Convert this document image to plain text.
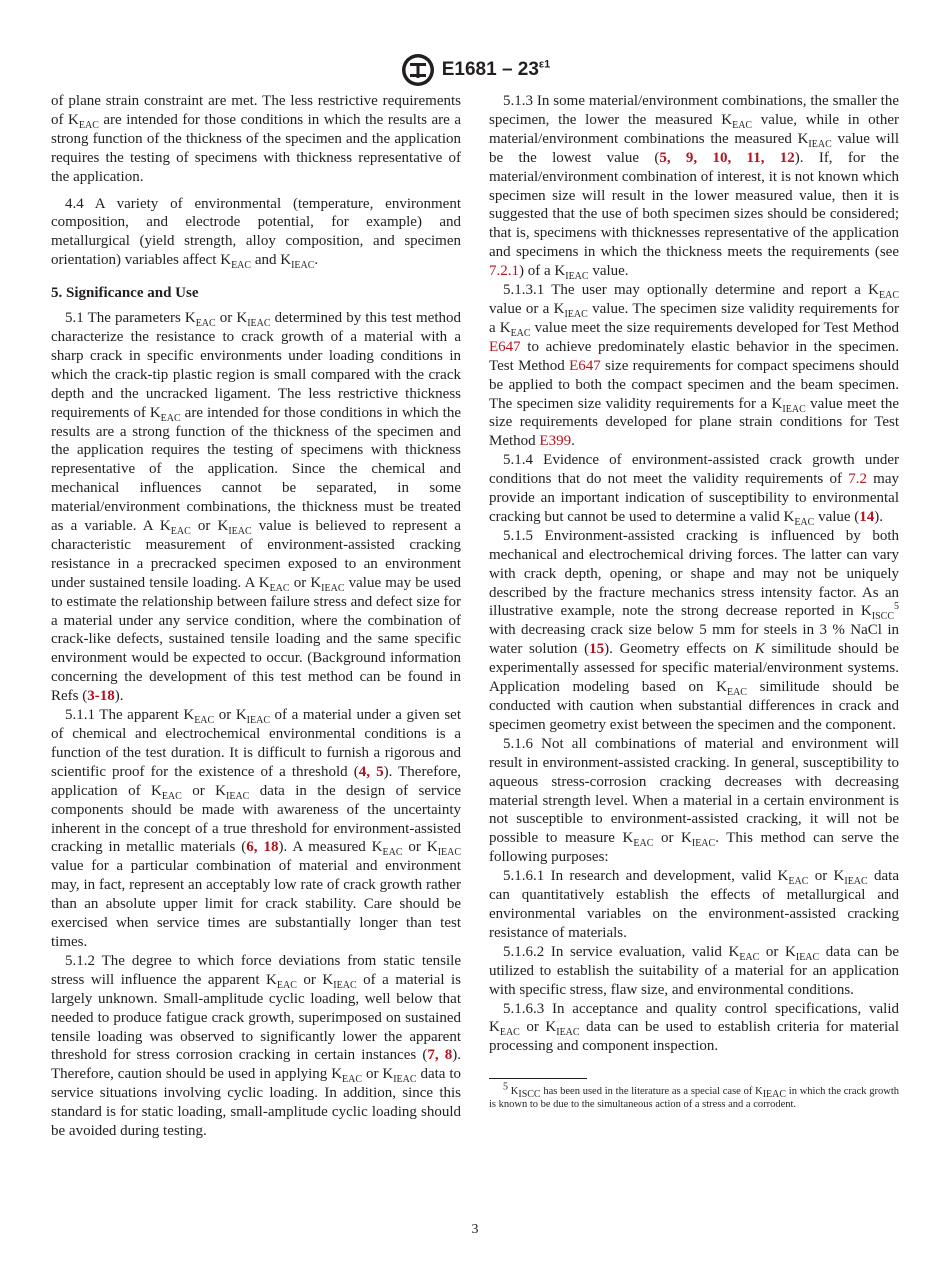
$E1681 - 23^{\varepsilon 1}$

of plane strain constraint are met. The less restrictive requirements of $K_{EAC}$ are intended for those conditions in which the results are a strong function of the thickness of the specimen and the application requires the testing of specimens with thickness representative of the application.

4.4 A variety of environmental (temperature, environment composition, and electrode potential, for example) and metallurgical (yield strength, alloy composition, and specimen orientation) variables affect $K_{EAC}$ and $K_{IEAC}$.

5. Significance and Use

5.1 The parameters $K_{EAC}$ or $K_{IEAC}$ determined by this test method characterize the resistance to crack growth of a material with a sharp crack in specific environments under loading conditions in which the crack-tip plastic region is small compared with the crack depth and the uncracked ligament. The less restrictive thickness requirements of $K_{EAC}$ are intended for those conditions in which the results are a strong function of the thickness of the specimen and the application requires the testing of specimens with thickness representative of the application. Since the chemical and mechanical influences cannot be separated, in some material/environment combinations, the thickness must be treated as a variable. A $K_{EAC}$ or $K_{IEAC}$ value is believed to represent a characteristic measurement of environment-assisted cracking resistance in a precracked specimen exposed to an environment under sustained tensile loading. A $K_{EAC}$ or $K_{IEAC}$ value may be used to estimate the relationship between failure stress and defect size for a material under any service condition, where the combination of crack-like defects, sustained tensile loading and the same specific environment would be expected to occur. (Background information concerning the development of this test method can be found in Refs (3-18).

5.1.1 The apparent $K_{EAC}$ or $K_{IEAC}$ of a material under a given set of chemical and electrochemical environmental conditions is a function of the test duration. It is difficult to furnish a rigorous and scientific proof for the existence of a threshold (4, 5). Therefore, application of $K_{EAC}$ or $K_{IEAC}$ data in the design of service components should be made with awareness of the uncertainty inherent in the concept of a true threshold for environment-assisted cracking in metallic materials (6, 18). A measured $K_{EAC}$ or $K_{IEAC}$ value for a particular combination of material and environment may, in fact, represent an acceptably low rate of crack growth rather than an absolute upper limit for crack stability. Care should be exercised when service times are substantially longer than test times.

5.1.2 The degree to which force deviations from static tensile stress will influence the apparent $K_{EAC}$ or $K_{IEAC}$ of a material is largely unknown. Small-amplitude cyclic loading, well below that needed to produce fatigue crack growth, superimposed on sustained tensile loading was observed to significantly lower the apparent threshold for stress corrosion cracking in certain instances (7, 8). Therefore, caution should be used in applying $K_{EAC}$ or $K_{IEAC}$ data to service situations involving cyclic loading. In addition, since this standard is for static loading, small-amplitude cyclic loading should be avoided during testing.

5.1.3 In some material/environment combinations, the smaller the specimen, the lower the measured $K_{EAC}$ value, while in other material/environment combinations the measured $K_{IEAC}$ value will be the lowest value (5, 9, 10, 11, 12). If, for the material/environment combination of interest, it is not known which specimen size will result in the lower measured value, then it is suggested that the use of both specimen sizes should be considered; that is, specimens with thicknesses representative of the application and specimens in which the thickness meets the requirements (see 7.2.1) of a $K_{IEAC}$ value.

5.1.3.1 The user may optionally determine and report a $K_{EAC}$ value or a $K_{IEAC}$ value. The specimen size validity requirements for a $K_{EAC}$ value meet the size requirements developed for Test Method E647 to achieve predominately elastic behavior in the specimen. Test Method E647 size requirements for compact specimens should be applied to both the compact specimen and the beam specimen. The specimen size validity requirements for a $K_{IEAC}$ value meet the size requirements developed for plane strain conditions for Test Method E399.

5.1.4 Evidence of environment-assisted crack growth under conditions that do not meet the validity requirements of 7.2 may provide an important indication of susceptibility to environmental cracking but cannot be used to determine a valid $K_{EAC}$ value (14).

5.1.5 Environment-assisted cracking is influenced by both mechanical and electrochemical driving forces. The latter can vary with crack depth, opening, or shape and may not be uniquely described by the fracture mechanics stress intensity factor. As an illustrative example, note the strong decrease reported in $K_{ISCC}^5$ with decreasing crack size below 5 mm for steels in 3 % NaCl in water solution (15). Geometry effects on K similitude should be experimentally assessed for specific material/environment systems. Application modeling based on $K_{EAC}$ similitude should be conducted with caution when substantial differences in crack and specimen geometry exist between the specimen and the component.

5.1.6 Not all combinations of material and environment will result in environment-assisted cracking. In general, susceptibility to aqueous stress-corrosion cracking decreases with decreasing material strength level. When a material in a certain environment is not susceptible to environment-assisted cracking, it will not be possible to measure $K_{EAC}$ or $K_{IEAC}$. This method can serve the following purposes:

5.1.6.1 In research and development, valid $K_{EAC}$ or $K_{IEAC}$ data can quantitatively establish the effects of metallurgical and environmental variables on the environment-assisted cracking resistance of materials.

5.1.6.2 In service evaluation, valid $K_{EAC}$ or $K_{IEAC}$ data can be utilized to establish the suitability of a material for an application with specific stress, flaw size, and environmental conditions.

5.1.6.3 In acceptance and quality control specifications, valid $K_{EAC}$ or $K_{IEAC}$ data can be used to establish criteria for material processing and component inspection.

$^5$ $K_{ISCC}$ has been used in the literature as a special case of $K_{IEAC}$ in which the crack growth is known to be due to the simultaneous action of a stress and a corrodent.

3
